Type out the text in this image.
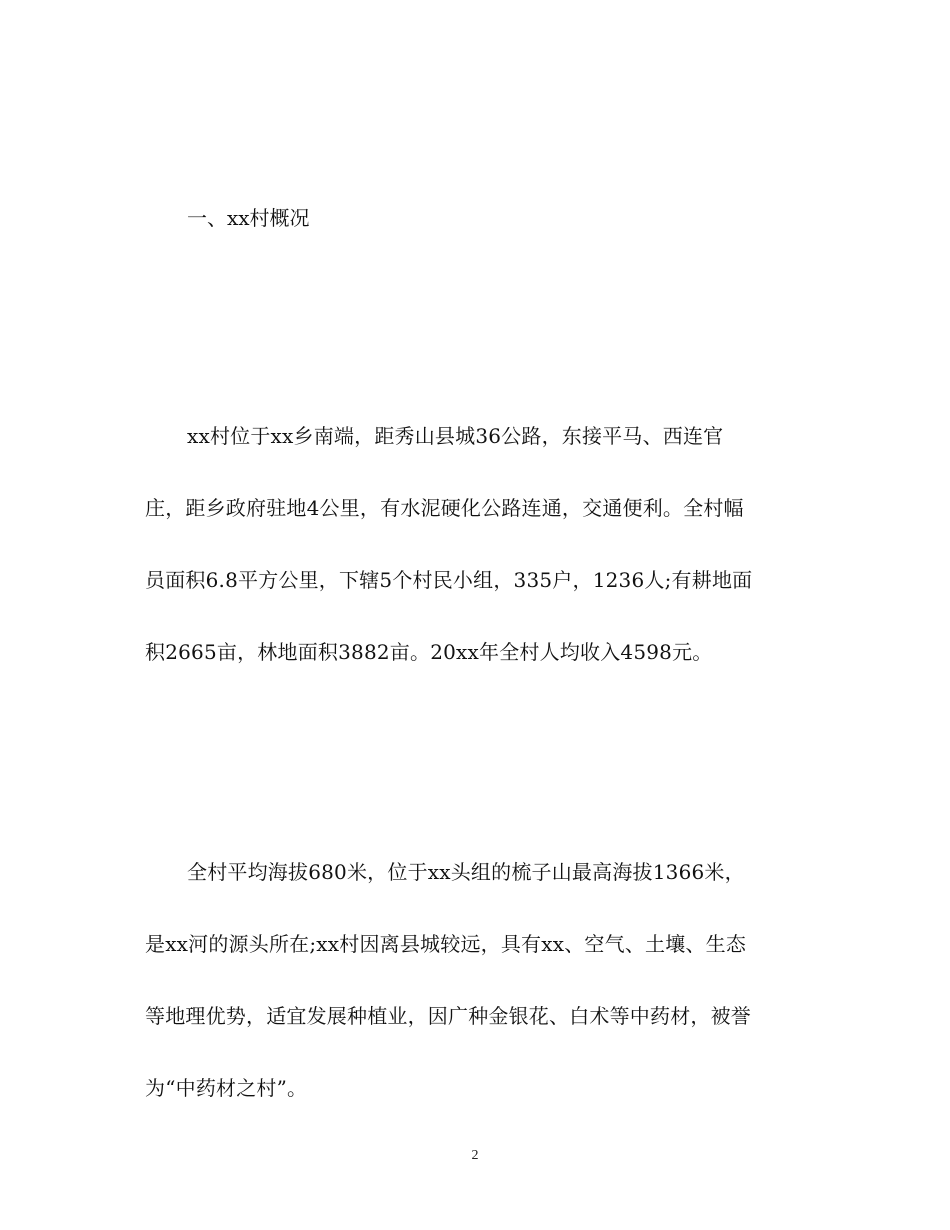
一、xx村概况
xx村位于xx乡南端，距秀山县城36公路，东接平马、西连官
庄，距乡政府驻地4公里，有水泥硬化公路连通，交通便利。全村幅
员面积6.8平方公里，下辖5个村民小组，335户，1236人;有耕地面
积2665亩，林地面积3882亩。20xx年全村人均收入4598元。
全村平均海拔680米，位于xx头组的梳子山最高海拔1366米，
是xx河的源头所在;xx村因离县城较远，具有xx、空气、土壤、生态
等地理优势，适宜发展种植业，因广种金银花、白术等中药材，被誉
为“中药材之村”。
2
